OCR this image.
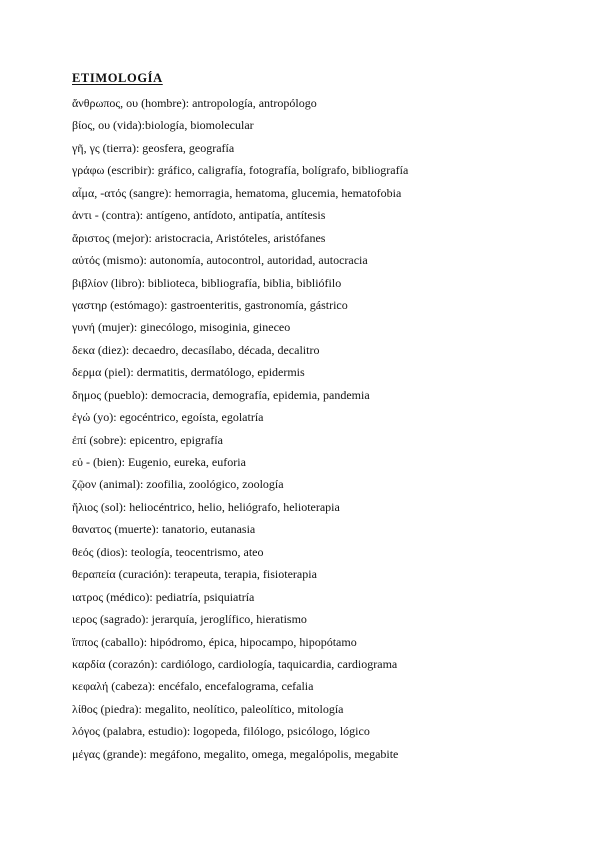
ETIMOLOGÍA
ἄνθρωπος, ου (hombre): antropología, antropólogo
βίος, ου (vida):biología, biomolecular
γῆ, γς (tierra): geosfera, geografía
γράφω (escribir): gráfico, caligrafía, fotografía, bolígrafo, bibliografía
αἷμα, -ατός (sangre): hemorragia, hematoma, glucemia, hematofobia
ἀντι - (contra): antígeno, antídoto, antipatía, antítesis
ἄριστος (mejor): aristocracia, Aristóteles, aristófanes
αὐτός (mismo): autonomía, autocontrol, autoridad, autocracia
βιβλίον (libro): biblioteca, bibliografía, biblia, bibliófilo
γαστηρ (estómago): gastroenteritis, gastronomía, gástrico
γυνή (mujer): ginecólogo, misoginia, gineceo
δεκα (diez): decaedro, decasílabo, década, decalitro
δερμα (piel): dermatitis, dermatólogo, epidermis
δημος (pueblo): democracia, demografía, epidemia, pandemia
ἐγώ (yo): egocéntrico, egoísta, egolatría
ἐπί (sobre): epicentro, epigrafía
εὐ - (bien): Eugenio, eureka, euforia
ζῷον (animal): zoofilia, zoológico, zoología
ἥλιος (sol): heliocéntrico, helio, heliógrafo, helioterapia
θανατος (muerte): tanatorio, eutanasia
θεός (dios): teología, teocentrismo, ateo
θεραπεία (curación): terapeuta, terapia, fisioterapia
ιατρος (médico): pediatría, psiquiatría
ιερος (sagrado): jerarquía, jeroglífico, hieratismo
ἵππος (caballo): hipódromo, épica, hipocampo, hipopótamo
καρδία (corazón): cardiólogo, cardiología, taquicardia, cardiograma
κεφαλή (cabeza): encéfalo, encefalograma, cefalia
λίθος (piedra): megalito, neolítico, paleolítico, mitología
λόγος (palabra, estudio): logopeda, filólogo, psicólogo, lógico
μέγας (grande): megáfono, megalito, omega, megalópolis, megabite
